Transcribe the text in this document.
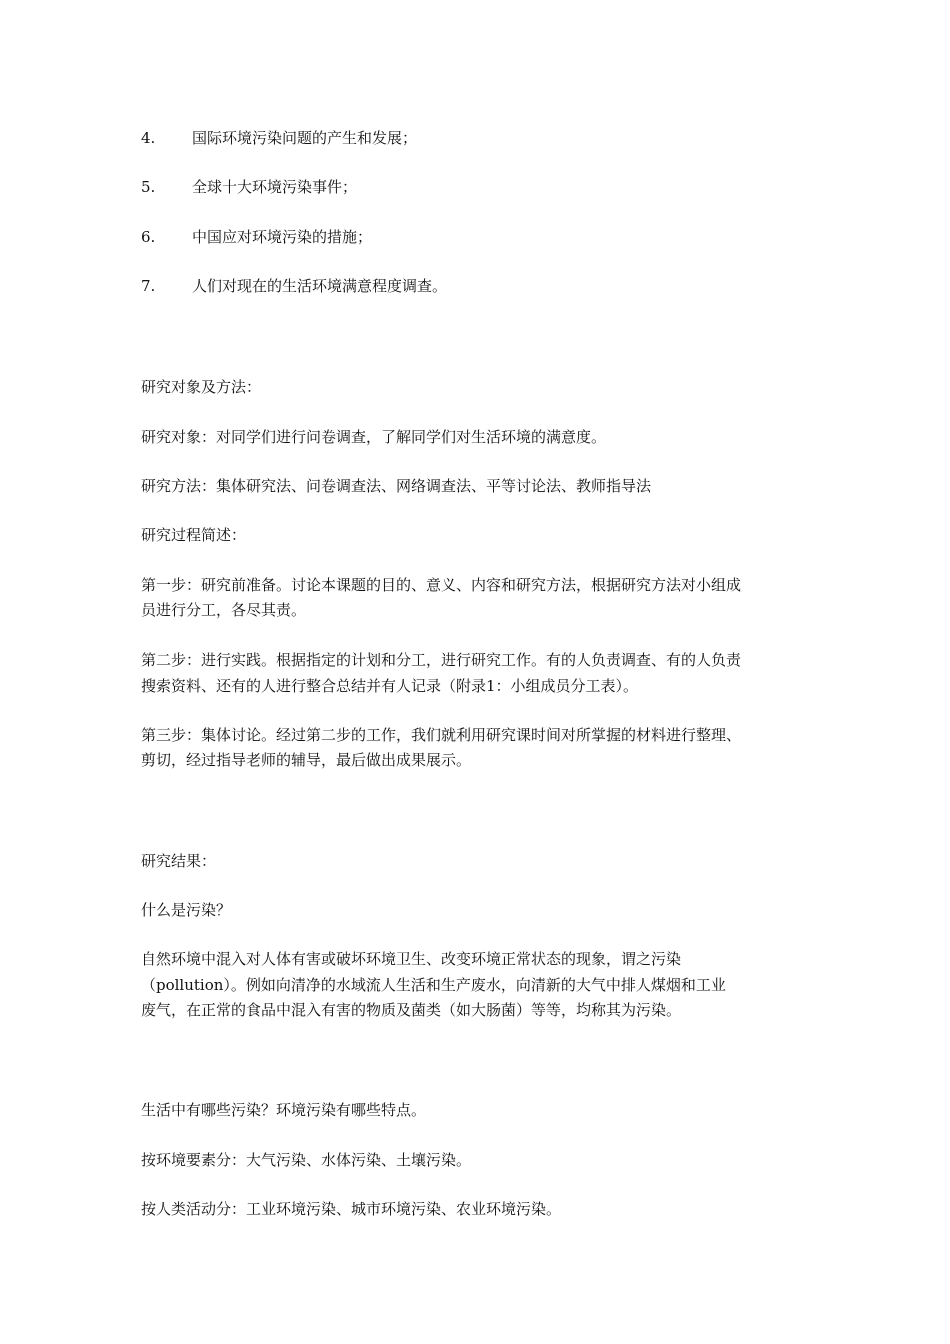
4. 国际环境污染问题的产生和发展；
5. 全球十大环境污染事件；
6. 中国应对环境污染的措施；
7. 人们对现在的生活环境满意程度调查。
研究对象及方法：
研究对象：对同学们进行问卷调查，了解同学们对生活环境的满意度。
研究方法：集体研究法、问卷调查法、网络调查法、平等讨论法、教师指导法
研究过程简述：
第一步：研究前准备。讨论本课题的目的、意义、内容和研究方法，根据研究方法对小组成
员进行分工，各尽其责。
第二步：进行实践。根据指定的计划和分工，进行研究工作。有的人负责调查、有的人负责
搜索资料、还有的人进行整合总结并有人记录（附录1：小组成员分工表）。
第三步：集体讨论。经过第二步的工作，我们就利用研究课时间对所掌握的材料进行整理、
剪切，经过指导老师的辅导，最后做出成果展示。
研究结果：
什么是污染？
自然环境中混入对人体有害或破坏环境卫生、改变环境正常状态的现象，谓之污染
（pollution）。例如向清净的水域流人生活和生产废水，向清新的大气中排人煤烟和工业
废气，在正常的食品中混入有害的物质及菌类（如大肠菌）等等，均称其为污染。
生活中有哪些污染？环境污染有哪些特点。
按环境要素分：大气污染、水体污染、土壤污染。
按人类活动分：工业环境污染、城市环境污染、农业环境污染。
